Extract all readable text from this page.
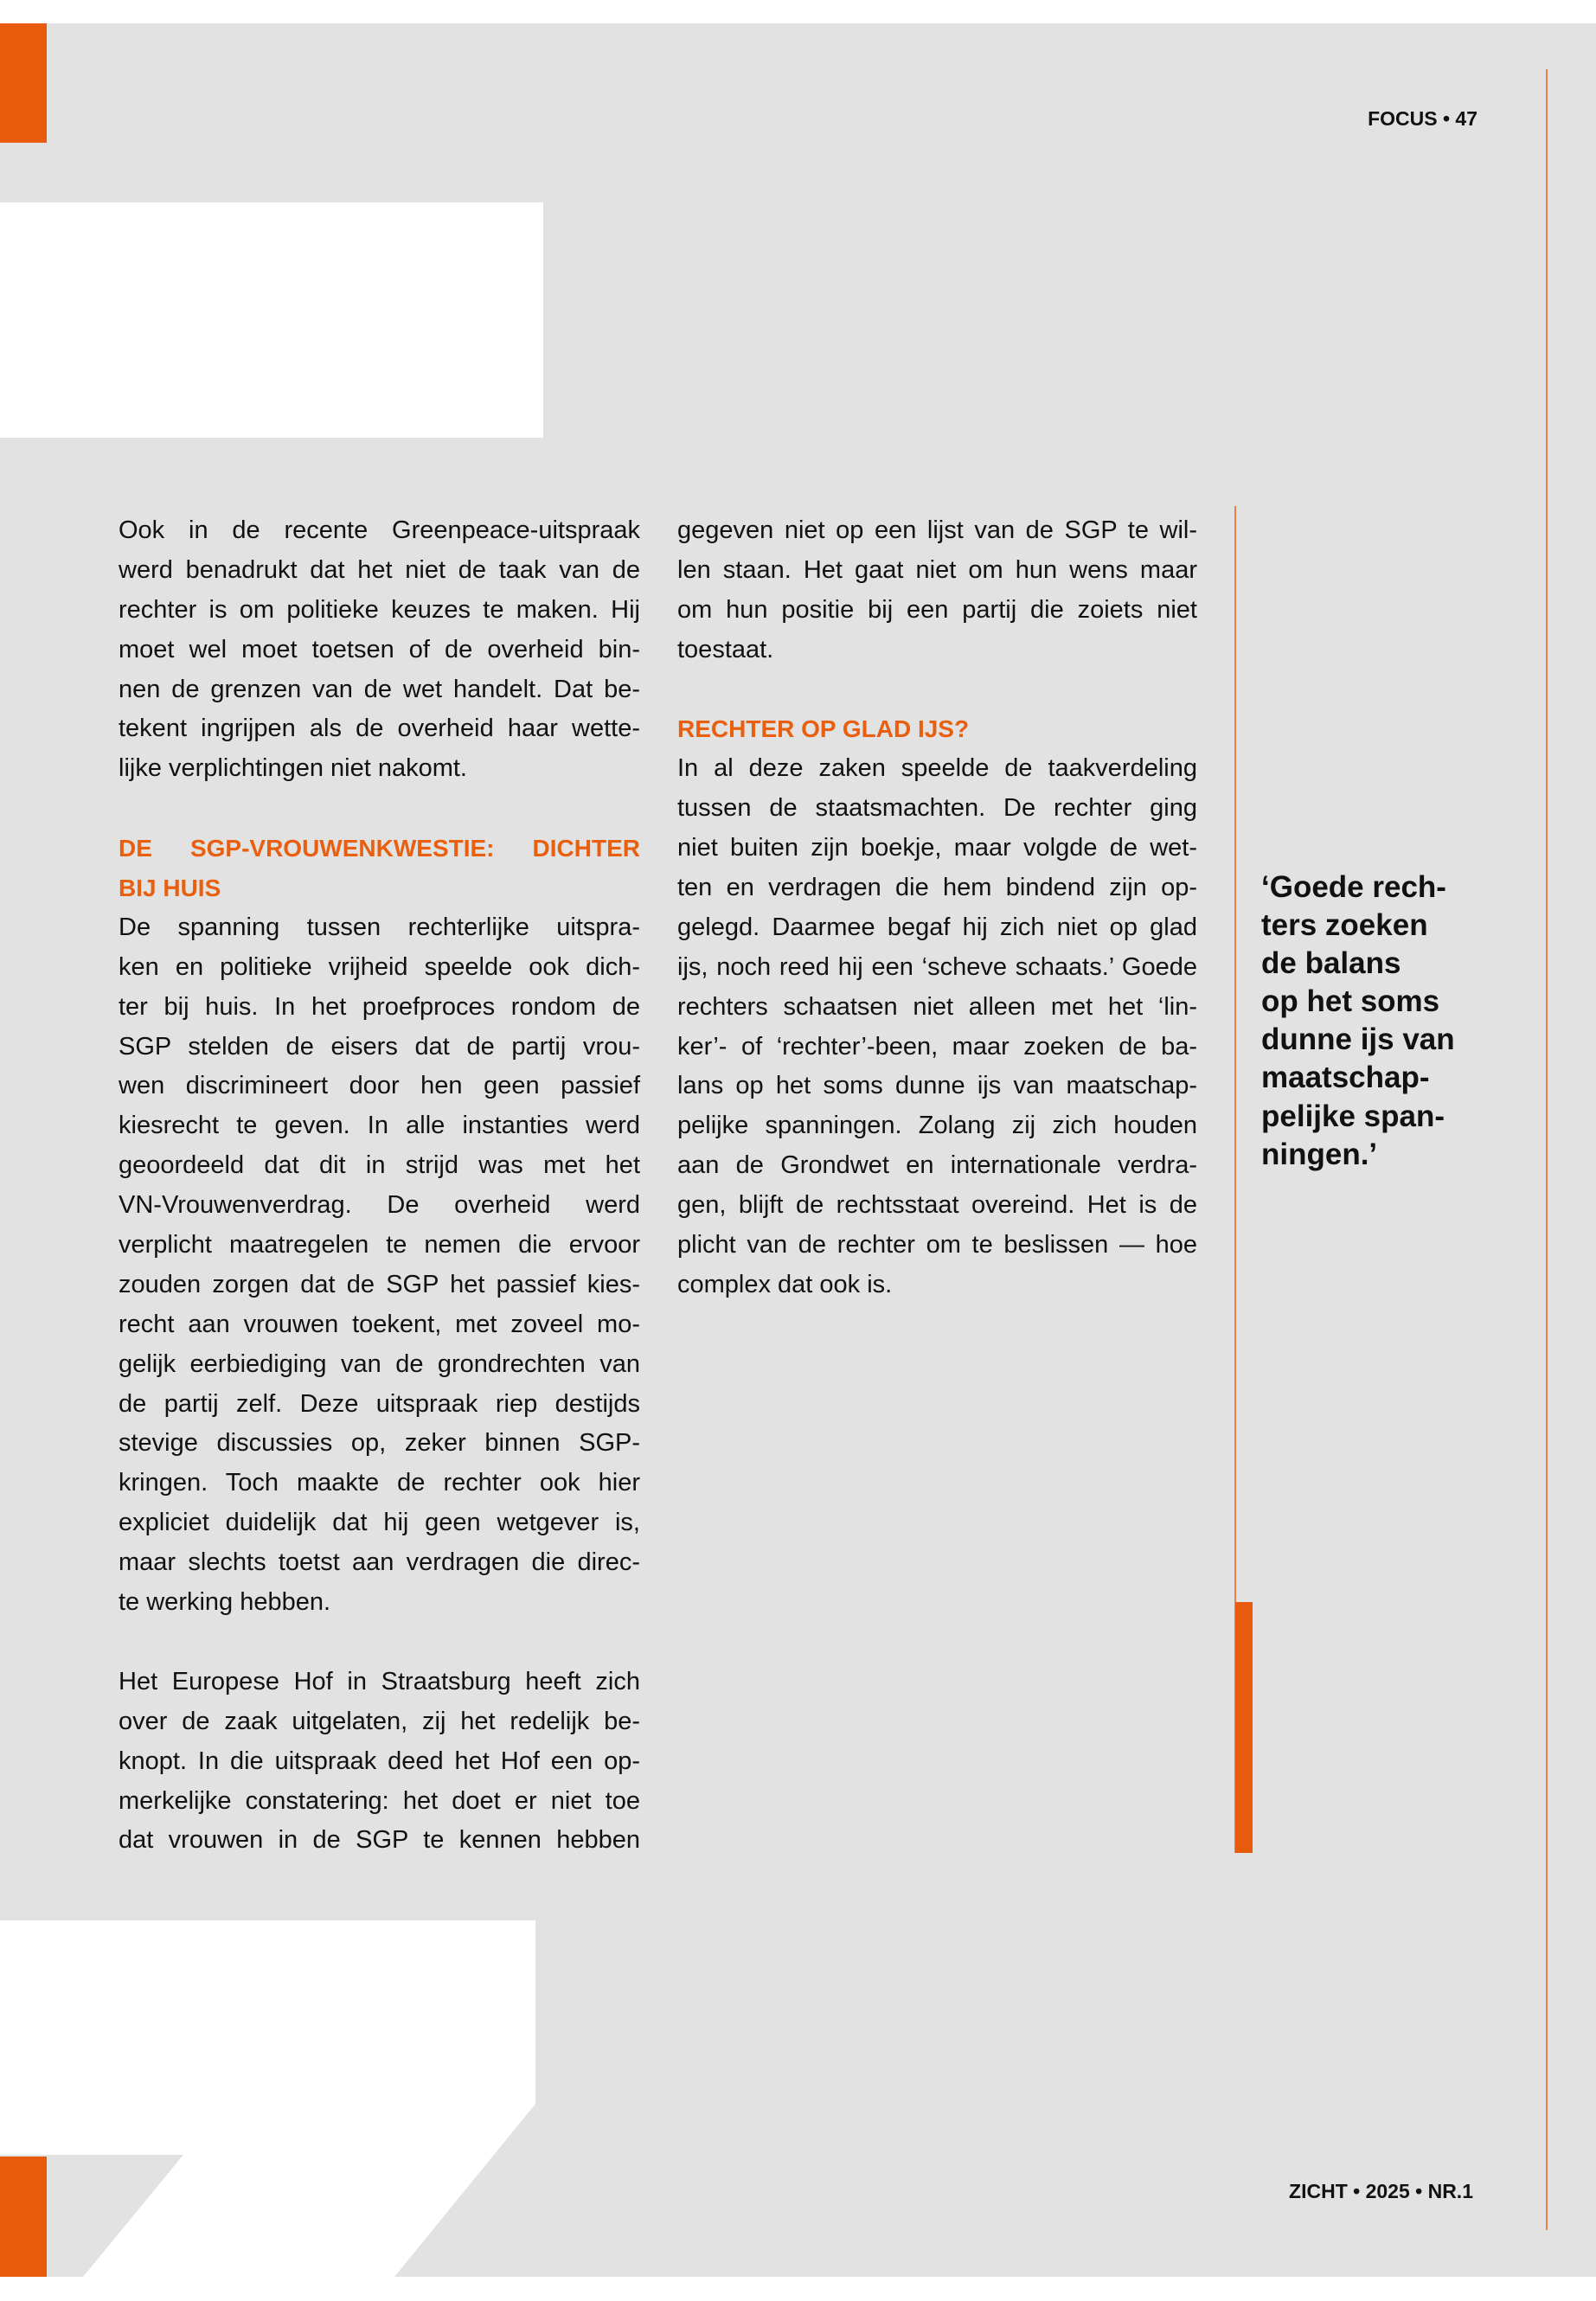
FOCUS • 47
ZICHT • 2025 • NR.1
Ook in de recente Greenpeace-uitspraak
werd benadrukt dat het niet de taak van de
rechter is om politieke keuzes te maken. Hij
moet wel moet toetsen of de overheid bin-
nen de grenzen van de wet handelt. Dat be-
tekent ingrijpen als de overheid haar wette-
lijke verplichtingen niet nakomt.
DE SGP-VROUWENKWESTIE: DICHTER
BIJ HUIS
De spanning tussen rechterlijke uitspra-
ken en politieke vrijheid speelde ook dich-
ter bij huis. In het proefproces rondom de
SGP stelden de eisers dat de partij vrou-
wen discrimineert door hen geen passief
kiesrecht te geven. In alle instanties werd
geoordeeld dat dit in strijd was met het
VN-Vrouwenverdrag. De overheid werd
verplicht maatregelen te nemen die ervoor
zouden zorgen dat de SGP het passief kies-
recht aan vrouwen toekent, met zoveel mo-
gelijk eerbiediging van de grondrechten van
de partij zelf. Deze uitspraak riep destijds
stevige discussies op, zeker binnen SGP-
kringen. Toch maakte de rechter ook hier
expliciet duidelijk dat hij geen wetgever is,
maar slechts toetst aan verdragen die direc-
te werking hebben.
Het Europese Hof in Straatsburg heeft zich
over de zaak uitgelaten, zij het redelijk be-
knopt. In die uitspraak deed het Hof een op-
merkelijke constatering: het doet er niet toe
dat vrouwen in de SGP te kennen hebben
gegeven niet op een lijst van de SGP te wil-
len staan. Het gaat niet om hun wens maar
om hun positie bij een partij die zoiets niet
toestaat.
RECHTER OP GLAD IJS?
In al deze zaken speelde de taakverdeling
tussen de staatsmachten. De rechter ging
niet buiten zijn boekje, maar volgde de wet-
ten en verdragen die hem bindend zijn op-
gelegd. Daarmee begaf hij zich niet op glad
ijs, noch reed hij een ‘scheve schaats.’ Goede
rechters schaatsen niet alleen met het ‘lin-
ker’- of ‘rechter’-been, maar zoeken de ba-
lans op het soms dunne ijs van maatschap-
pelijke spanningen. Zolang zij zich houden
aan de Grondwet en internationale verdra-
gen, blijft de rechtsstaat overeind. Het is de
plicht van de rechter om te beslissen — hoe
complex dat ook is.
‘Goede rech-
ters zoeken
de balans
op het soms
dunne ijs van
maatschap-
pelijke span-
ningen.’
